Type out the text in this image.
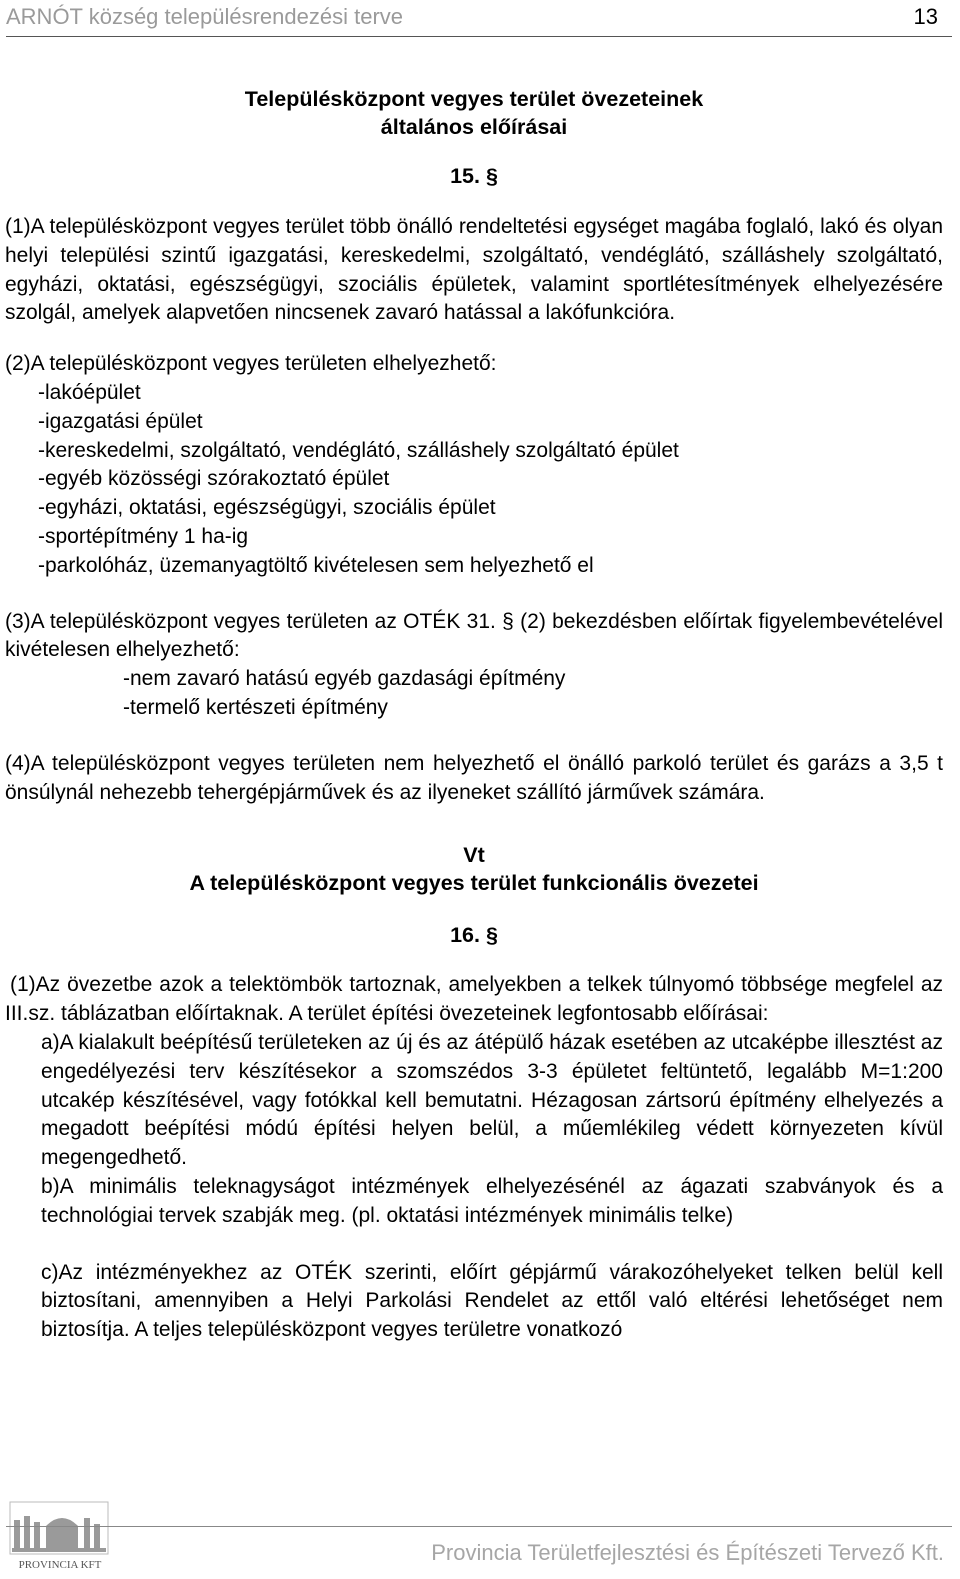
ARNÓT község településrendezési terve	13

Településközpont vegyes terület övezeteinek

általános előírásai

15. §

(1)A településközpont vegyes terület több önálló rendeltetési egységet magába foglaló, lakó és olyan helyi települési szintű igazgatási, kereskedelmi, szolgáltató, vendéglátó, szálláshely szolgáltató, egyházi, oktatási, egészségügyi, szociális épületek, valamint sportlétesítmények elhelyezésére szolgál, amelyek alapvetően nincsenek zavaró hatással a lakófunkcióra.

(2)A településközpont vegyes területen elhelyezhető:

-lakóépület

-igazgatási épület

-kereskedelmi, szolgáltató, vendéglátó, szálláshely szolgáltató épület

-egyéb közösségi szórakoztató épület

-egyházi, oktatási, egészségügyi, szociális épület

-sportépítmény 1 ha-ig

-parkolóház, üzemanyagtöltő kivételesen sem helyezhető el

(3)A településközpont vegyes területen az OTÉK 31. § (2) bekezdésben előírtak figyelembevételével kivételesen elhelyezhető:

-nem zavaró hatású egyéb gazdasági építmény

-termelő kertészeti építmény

(4)A településközpont vegyes területen nem helyezhető el önálló parkoló terület és garázs a 3,5 t önsúlynál nehezebb tehergépjárművek és az ilyeneket szállító járművek számára.

Vt

A településközpont vegyes terület funkcionális övezetei

16. §

(1)Az övezetbe azok a telektömbök tartoznak, amelyekben a telkek túlnyomó többsége megfelel az III.sz. táblázatban előírtaknak. A terület építési övezeteinek legfontosabb előírásai:

a)A kialakult beépítésű területeken az új és az átépülő házak esetében az utcaképbe illesztést az engedélyezési terv készítésekor a szomszédos 3-3 épületet feltüntető, legalább M=1:200 utcakép készítésével, vagy fotókkal kell bemutatni. Hézagosan zártsorú építmény elhelyezés a megadott beépítési módú építési helyen belül, a műemlékileg védett környezeten kívül megengedhető.

b)A minimális teleknagyságot intézmények elhelyezésénél az ágazati szabványok és a technológiai tervek szabják meg. (pl. oktatási intézmények minimális telke)

c)Az intézményekhez az OTÉK szerinti, előírt gépjármű várakozóhelyeket telken belül kell biztosítani, amennyiben a Helyi Parkolási Rendelet az ettől való eltérési lehetőséget nem biztosítja. A teljes településközpont vegyes területre vonatkozó

PROVINCIA KFT	Provincia Területfejlesztési és Építészeti Tervező Kft.
